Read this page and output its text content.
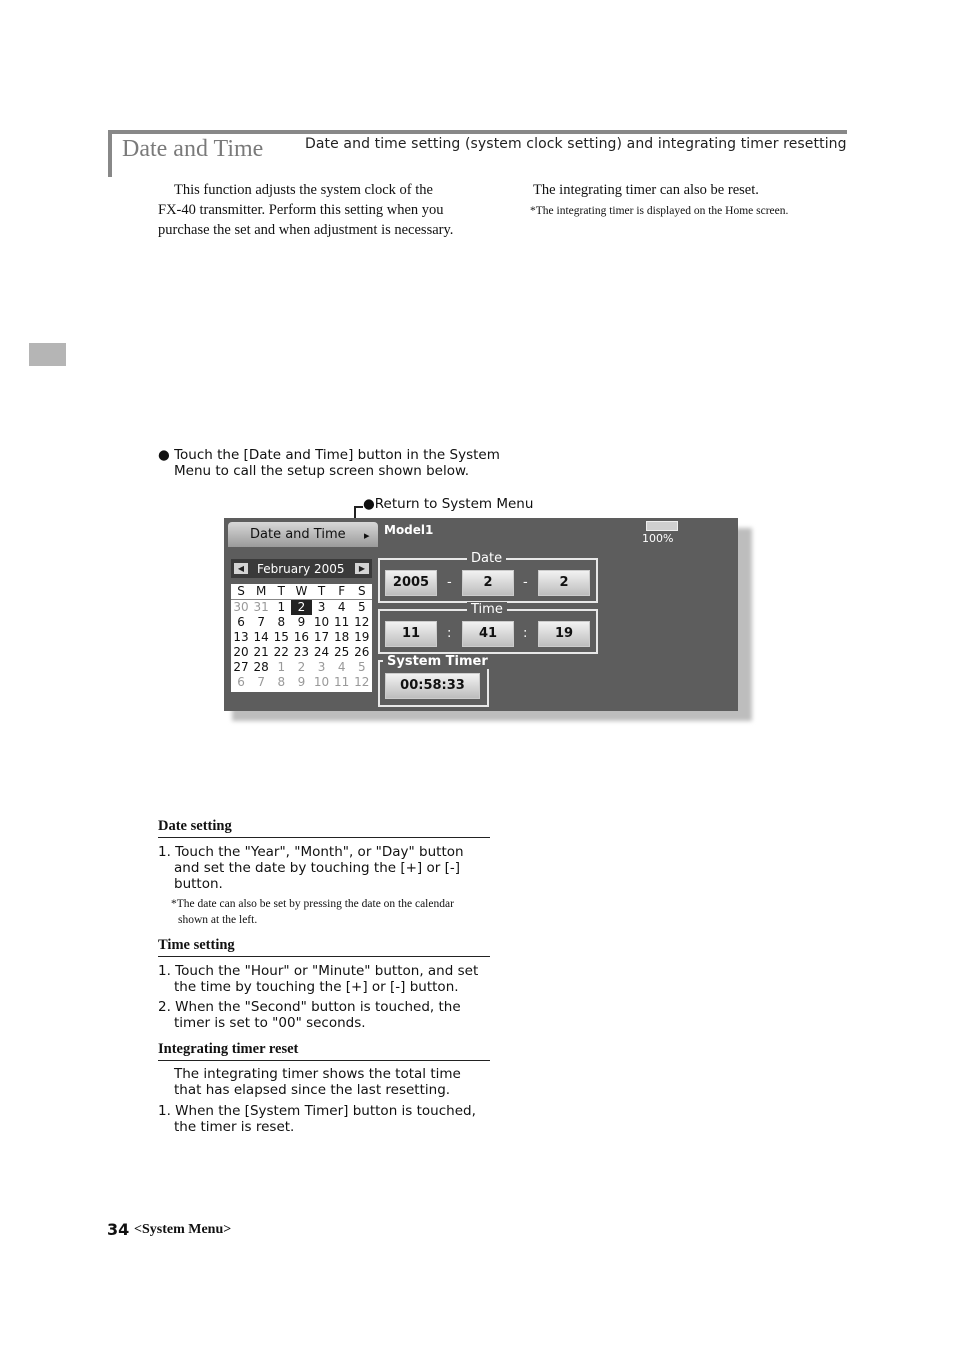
Date and Time	Date and time setting (system clock setting) and integrating timer resetting
This function adjusts the system clock of the
FX-40 transmitter. Perform this setting when you
purchase the set and when adjustment is necessary.
The integrating timer can also be reset.
*The integrating timer is displayed on the Home screen.
● Touch the [Date and Time] button in the System
Menu to call the setup screen shown below.
●Return to System Menu
Date and Time ▸	Model1
100%
◀	February 2005	▶
S M T W T	F	S
30 31 1	2	3	4	5
6	7	8	9 10 11 12
13 14 15 16 17 18 19
20 21 22 23 24 25 26
27 28 1	2	3	4	5
6	7	8	9 10 11 12
Date
2005	-	2	-	2
Time
11	:	41	:	19
System Timer
00:58:33
Date setting
1. Touch the "Year", "Month", or "Day" button
and set the date by touching the [+] or [-]
button.
*The date can also be set by pressing the date on the calendar
shown at the left.
Time setting
1. Touch the "Hour" or "Minute" button, and set
the time by touching the [+] or [-] button.
2. When the "Second" button is touched, the
timer is set to "00" seconds.
Integrating timer reset
The integrating timer shows the total time
that has elapsed since the last resetting.
1. When the [System Timer] button is touched,
the timer is reset.
34 <System Menu>
